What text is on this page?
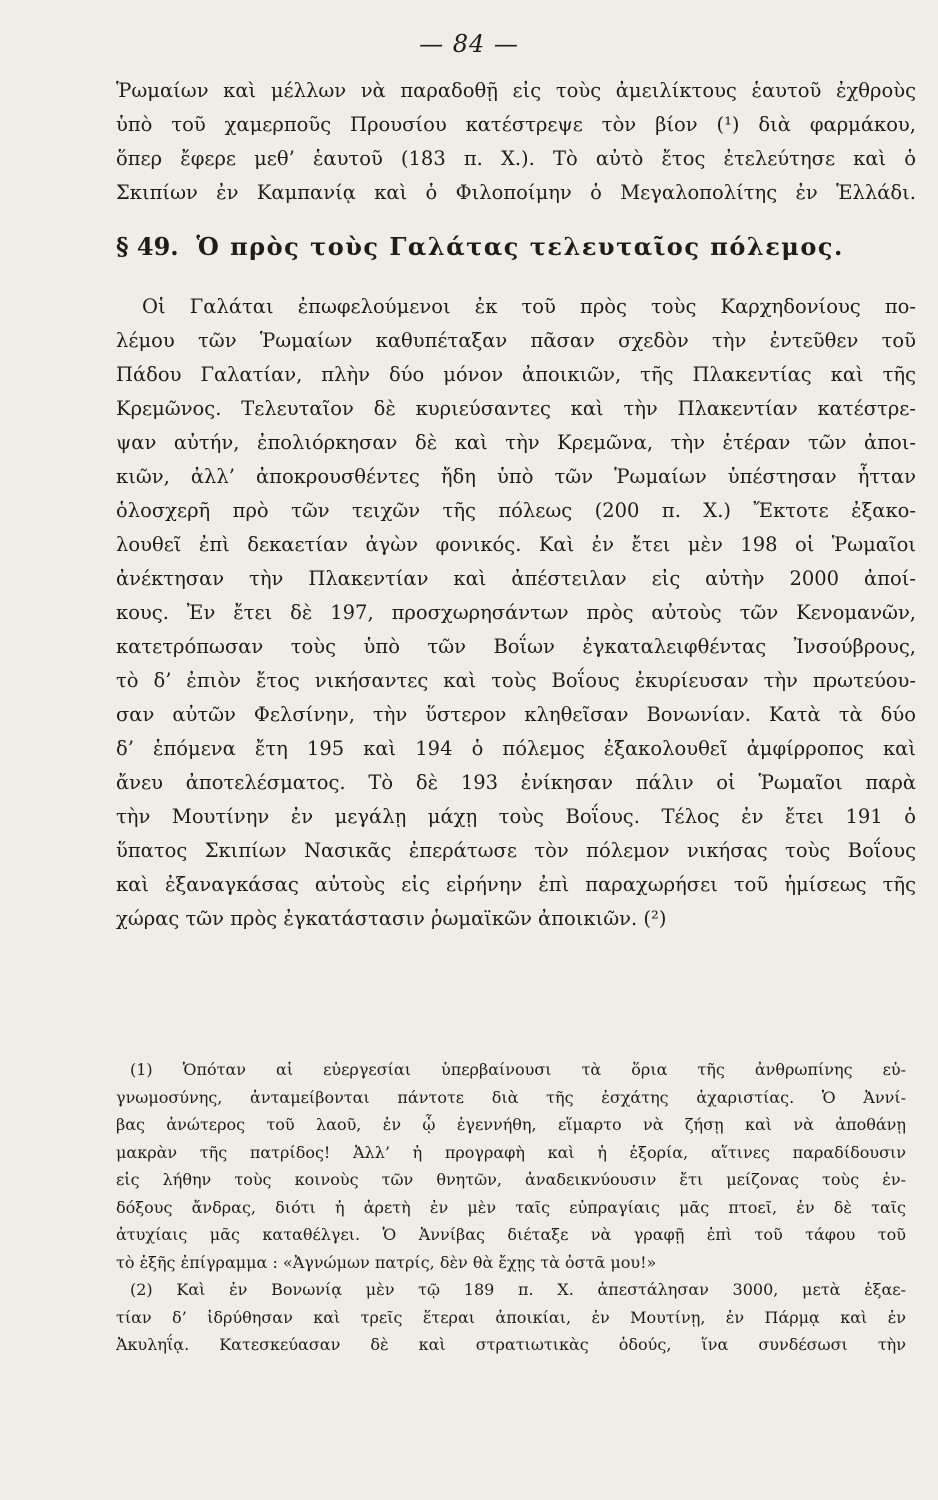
— 84 —
Ῥωμαίων καὶ μέλλων νὰ παραδοθῇ εἰς τοὺς ἀμειλίκτους ἑαυτοῦ ἐχθροὺς
ὑπὸ τοῦ χαμερποῦς Προυσίου κατέστρεψε τὸν βίον (¹) διὰ φαρμάκου,
ὅπερ ἔφερε μεθ’ ἑαυτοῦ (183 π. Χ.). Τὸ αὐτὸ ἔτος ἐτελεύτησε καὶ ὁ
Σκιπίων ἐν Καμπανίᾳ καὶ ὁ Φιλοποίμην ὁ Μεγαλοπολίτης ἐν Ἑλλάδι.
§ 49. Ὁ πρὸς τοὺς Γαλάτας τελευταῖος πόλεμος.
Οἱ Γαλάται ἐπωφελούμενοι ἐκ τοῦ πρὸς τοὺς Καρχηδονίους πο-
λέμου τῶν Ῥωμαίων καθυπέταξαν πᾶσαν σχεδὸν τὴν ἐντεῦθεν τοῦ
Πάδου Γαλατίαν, πλὴν δύο μόνον ἀποικιῶν, τῆς Πλακεντίας καὶ τῆς
Κρεμῶνος. Τελευταῖον δὲ κυριεύσαντες καὶ τὴν Πλακεντίαν κατέστρε-
ψαν αὐτήν, ἐπολιόρκησαν δὲ καὶ τὴν Κρεμῶνα, τὴν ἑτέραν τῶν ἀποι-
κιῶν, ἀλλ’ ἀποκρουσθέντες ἤδη ὑπὸ τῶν Ῥωμαίων ὑπέστησαν ἧτταν
ὁλοσχερῆ πρὸ τῶν τειχῶν τῆς πόλεως (200 π. Χ.) Ἔκτοτε ἐξακο-
λουθεῖ ἐπὶ δεκαετίαν ἀγὼν φονικός. Καὶ ἐν ἔτει μὲν 198 οἱ Ῥωμαῖοι
ἀνέκτησαν τὴν Πλακεντίαν καὶ ἀπέστειλαν εἰς αὐτὴν 2000 ἀποί-
κους. Ἐν ἔτει δὲ 197, προσχωρησάντων πρὸς αὐτοὺς τῶν Κενομανῶν,
κατετρόπωσαν τοὺς ὑπὸ τῶν Βοΐων ἐγκαταλειφθέντας Ἰνσούβρους,
τὸ δ’ ἐπιὸν ἔτος νικήσαντες καὶ τοὺς Βοΐους ἐκυρίευσαν τὴν πρωτεύου-
σαν αὐτῶν Φελσίνην, τὴν ὕστερον κληθεῖσαν Βονωνίαν. Κατὰ τὰ δύο
δ’ ἑπόμενα ἔτη 195 καὶ 194 ὁ πόλεμος ἐξακολουθεῖ ἀμφίρροπος καὶ
ἄνευ ἀποτελέσματος. Τὸ δὲ 193 ἐνίκησαν πάλιν οἱ Ῥωμαῖοι παρὰ
τὴν Μουτίνην ἐν μεγάλῃ μάχῃ τοὺς Βοΐους. Τέλος ἐν ἔτει 191 ὁ
ὕπατος Σκιπίων Νασικᾶς ἐπεράτωσε τὸν πόλεμον νικήσας τοὺς Βοΐους
καὶ ἐξαναγκάσας αὐτοὺς εἰς εἰρήνην ἐπὶ παραχωρήσει τοῦ ἡμίσεως τῆς
χώρας τῶν πρὸς ἐγκατάστασιν ῥωμαϊκῶν ἀποικιῶν. (²)
(1) Ὁπόταν αἱ εὐεργεσίαι ὑπερβαίνουσι τὰ ὅρια τῆς ἀνθρωπίνης εὐ-
γνωμοσύνης, ἀνταμείβονται πάντοτε διὰ τῆς ἐσχάτης ἀχαριστίας. Ὁ Ἀννί-
βας ἀνώτερος τοῦ λαοῦ, ἐν ᾧ ἐγεννήθη, εἵμαρτο νὰ ζήσῃ καὶ νὰ ἀποθάνῃ
μακρὰν τῆς πατρίδος! Ἀλλ’ ἡ προγραφὴ καὶ ἡ ἐξορία, αἵτινες παραδίδουσιν
εἰς λήθην τοὺς κοινοὺς τῶν θνητῶν, ἀναδεικνύουσιν ἔτι μείζονας τοὺς ἐν-
δόξους ἄνδρας, διότι ἡ ἀρετὴ ἐν μὲν ταῖς εὐπραγίαις μᾶς πτοεῖ, ἐν δὲ ταῖς
ἀτυχίαις μᾶς καταθέλγει. Ὁ Ἀννίβας διέταξε νὰ γραφῇ ἐπὶ τοῦ τάφου τοῦ
τὸ ἑξῆς ἐπίγραμμα : «Ἀγνώμων πατρίς, δὲν θὰ ἔχῃς τὰ ὀστᾶ μου!»
(2) Καὶ ἐν Βονωνίᾳ μὲν τῷ 189 π. Χ. ἀπεστάλησαν 3000, μετὰ ἑξαε-
τίαν δ’ ἱδρύθησαν καὶ τρεῖς ἕτεραι ἀποικίαι, ἐν Μουτίνῃ, ἐν Πάρμᾳ καὶ ἐν
Ἀκυληΐᾳ. Κατεσκεύασαν δὲ καὶ στρατιωτικὰς ὁδούς, ἵνα συνδέσωσι τὴν
